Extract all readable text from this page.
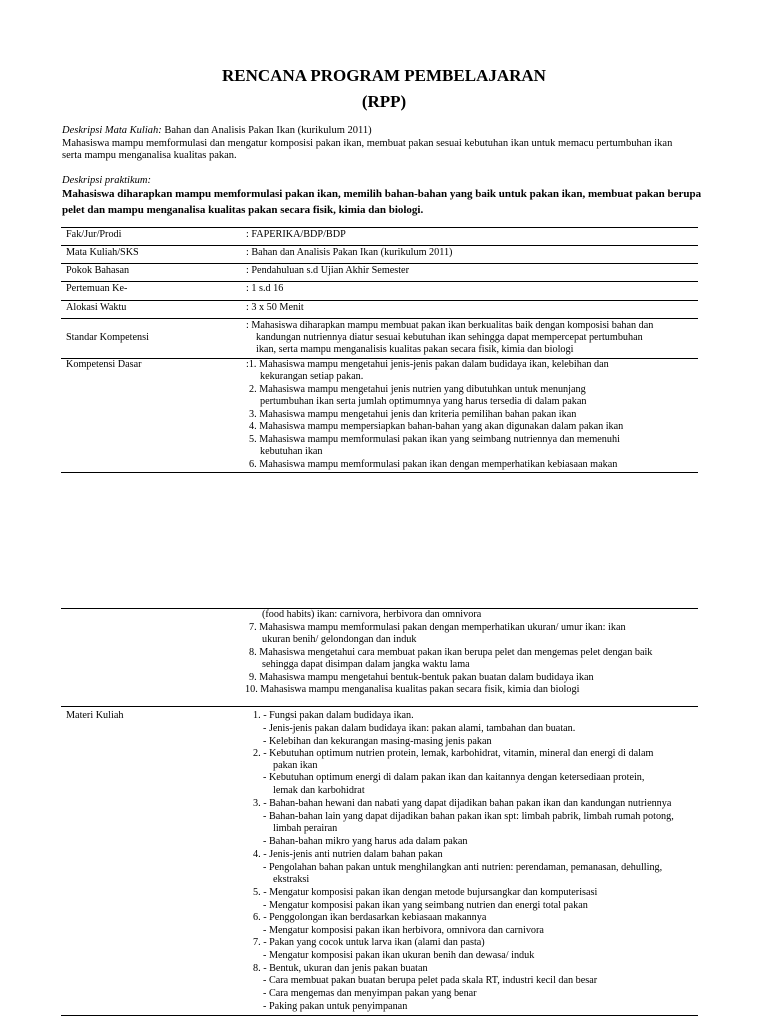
RENCANA PROGRAM PEMBELAJARAN
(RPP)
Deskripsi Mata Kuliah: Bahan dan Analisis Pakan Ikan (kurikulum 2011)
Mahasiswa mampu memformulasi dan mengatur komposisi pakan ikan, membuat pakan sesuai kebutuhan ikan untuk memacu pertumbuhan ikan
serta mampu menganalisa kualitas pakan.
Deskripsi praktikum:
Mahasiswa diharapkan mampu memformulasi pakan ikan, memilih bahan-bahan yang baik untuk pakan ikan, membuat pakan berupa
pelet dan mampu menganalisa kualitas pakan secara fisik, kimia dan biologi.
Fak/Jur/Prodi	: FAPERIKA/BDP/BDP
Mata Kuliah/SKS	: Bahan dan Analisis Pakan Ikan (kurikulum 2011)
Pokok Bahasan	: Pendahuluan s.d Ujian Akhir Semester
Pertemuan Ke-	: 1 s.d 16
Alokasi Waktu	: 3 x 50 Menit
Standar Kompetensi
: Mahasiswa diharapkan mampu membuat pakan ikan berkualitas baik dengan komposisi bahan dan
kandungan nutriennya diatur sesuai kebutuhan ikan sehingga dapat mempercepat pertumbuhan
ikan, serta mampu menganalisis kualitas pakan secara fisik, kimia dan biologi
Kompetensi Dasar	:1. Mahasiswa mampu mengetahui jenis-jenis pakan dalam budidaya ikan, kelebihan dan
kekurangan setiap pakan.
2. Mahasiswa mampu mengetahui jenis nutrien yang dibutuhkan untuk menunjang
pertumbuhan ikan serta jumlah optimumnya yang harus tersedia di dalam pakan
3. Mahasiswa mampu mengetahui jenis dan kriteria pemilihan bahan pakan ikan
4. Mahasiswa mampu mempersiapkan bahan-bahan yang akan digunakan dalam pakan ikan
5. Mahasiswa mampu memformulasi pakan ikan yang seimbang nutriennya dan memenuhi
kebutuhan ikan
6. Mahasiswa mampu memformulasi pakan ikan dengan memperhatikan kebiasaan makan
(food habits) ikan: carnivora, herbivora dan omnivora
7. Mahasiswa mampu memformulasi pakan dengan memperhatikan ukuran/ umur ikan: ikan
ukuran benih/ gelondongan dan induk
8. Mahasiswa mengetahui cara membuat pakan ikan berupa pelet dan mengemas pelet dengan baik
sehingga dapat disimpan dalam jangka waktu lama
9. Mahasiswa mampu mengetahui bentuk-bentuk pakan buatan dalam budidaya ikan
10. Mahasiswa mampu menganalisa kualitas pakan secara fisik, kimia dan biologi
Materi Kuliah	1. - Fungsi pakan dalam budidaya ikan.
- Jenis-jenis pakan dalam budidaya ikan: pakan alami, tambahan dan buatan.
- Kelebihan dan kekurangan masing-masing jenis pakan
2. - Kebutuhan optimum nutrien protein, lemak, karbohidrat, vitamin, mineral dan energi di dalam
pakan ikan
- Kebutuhan optimum energi di dalam pakan ikan dan kaitannya dengan ketersediaan protein,
lemak dan karbohidrat
3. - Bahan-bahan hewani dan nabati yang dapat dijadikan bahan pakan ikan dan kandungan nutriennya
- Bahan-bahan lain yang dapat dijadikan bahan pakan ikan spt: limbah pabrik, limbah rumah potong,
limbah perairan
- Bahan-bahan mikro yang harus ada dalam pakan
4. - Jenis-jenis anti nutrien dalam bahan pakan
- Pengolahan bahan pakan untuk menghilangkan anti nutrien: perendaman, pemanasan, dehulling,
ekstraksi
5. - Mengatur komposisi pakan ikan dengan metode bujursangkar dan komputerisasi
- Mengatur komposisi pakan ikan yang seimbang nutrien dan energi total pakan
6. - Penggolongan ikan berdasarkan kebiasaan makannya
- Mengatur komposisi pakan ikan herbivora, omnivora dan carnivora
7. - Pakan yang cocok untuk larva ikan (alami dan pasta)
- Mengatur komposisi pakan ikan ukuran benih dan dewasa/ induk
8. - Bentuk, ukuran dan jenis pakan buatan
- Cara membuat pakan buatan berupa pelet pada skala RT, industri kecil dan besar
- Cara mengemas dan menyimpan pakan yang benar
- Paking pakan untuk penyimpanan
